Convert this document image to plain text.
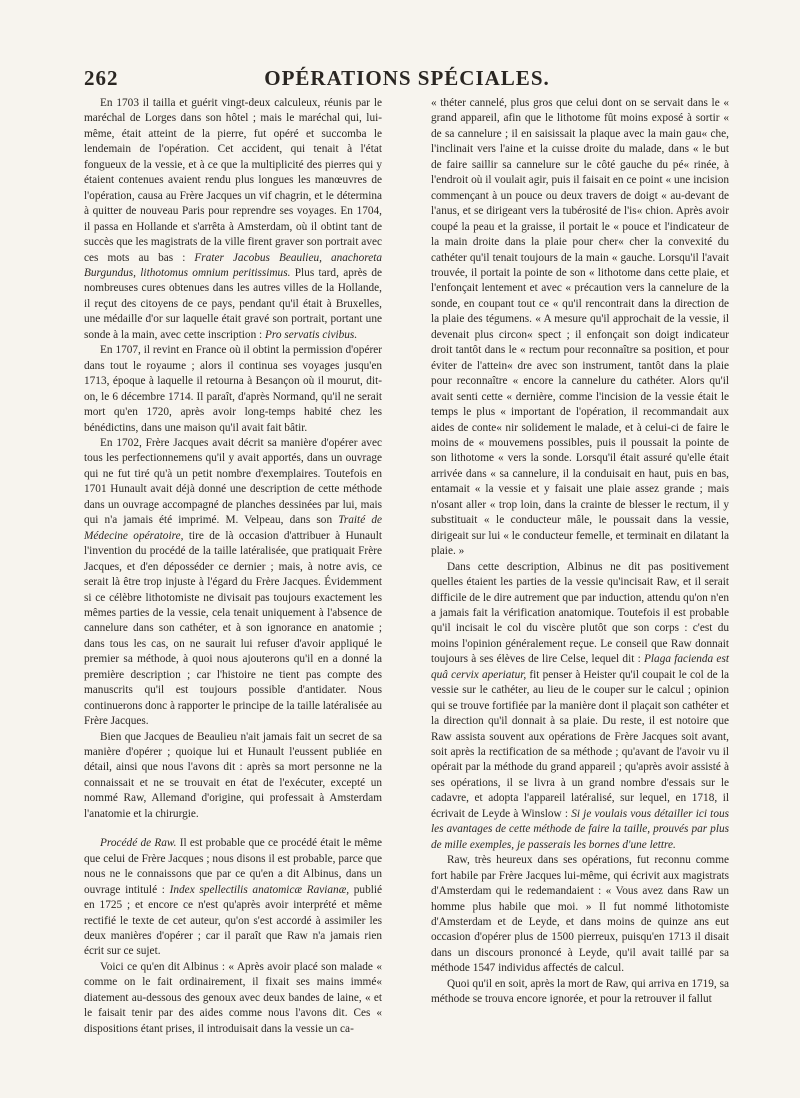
262	OPÉRATIONS SPÉCIALES.

En 1703 il tailla et guérit vingt-deux calculeux, réunis par le maréchal de Lorges dans son hôtel ; mais le maréchal qui, lui-même, était atteint de la pierre, fut opéré et succomba le lendemain de l'opération. Cet accident, qui tenait à l'état fongueux de la vessie, et à ce que la multiplicité des pierres qui y étaient contenues avaient rendu plus longues les manœuvres de l'opération, causa au Frère Jacques un vif chagrin, et le détermina à quitter de nouveau Paris pour reprendre ses voyages. En 1704, il passa en Hollande et s'arrêta à Amsterdam, où il obtint tant de succès que les magistrats de la ville firent graver son portrait avec ces mots au bas : Frater Jacobus Beaulieu, anachoreta Burgundus, lithotomus omnium peritissimus. Plus tard, après de nombreuses cures obtenues dans les autres villes de la Hollande, il reçut des citoyens de ce pays, pendant qu'il était à Bruxelles, une médaille d'or sur laquelle était gravé son portrait, portant une sonde à la main, avec cette inscription : Pro servatis civibus.

En 1707, il revint en France où il obtint la permission d'opérer dans tout le royaume ; alors il continua ses voyages jusqu'en 1713, époque à laquelle il retourna à Besançon où il mourut, dit-on, le 6 décembre 1714. Il paraît, d'après Normand, qu'il ne serait mort qu'en 1720, après avoir long-temps habité chez les bénédictins, dans une maison qu'il avait fait bâtir.

En 1702, Frère Jacques avait décrit sa manière d'opérer avec tous les perfectionnemens qu'il y avait apportés, dans un ouvrage qui ne fut tiré qu'à un petit nombre d'exemplaires. Toutefois en 1701 Hunault avait déjà donné une description de cette méthode dans un ouvrage accompagné de planches dessinées par lui, mais qui n'a jamais été imprimé. M. Velpeau, dans son Traité de Médecine opératoire, tire de là occasion d'attribuer à Hunault l'invention du procédé de la taille latéralisée, que pratiquait Frère Jacques, et d'en déposséder ce dernier ; mais, à notre avis, ce serait là être trop injuste à l'égard du Frère Jacques. Évidemment si ce célèbre lithotomiste ne divisait pas toujours exactement les mêmes parties de la vessie, cela tenait uniquement à l'absence de cannelure dans son cathéter, et à son ignorance en anatomie ; dans tous les cas, on ne saurait lui refuser d'avoir appliqué le premier sa méthode, à quoi nous ajouterons qu'il en a donné la première description ; car l'histoire ne tient pas compte des manuscrits qu'il est toujours possible d'antidater. Nous continuerons donc à rapporter le principe de la taille latéralisée au Frère Jacques.

Bien que Jacques de Beaulieu n'ait jamais fait un secret de sa manière d'opérer ; quoique lui et Hunault l'eussent publiée en détail, ainsi que nous l'avons dit : après sa mort personne ne la connaissait et ne se trouvait en état de l'exécuter, excepté un nommé Raw, Allemand d'origine, qui professait à Amsterdam l'anatomie et la chirurgie.

Procédé de Raw. Il est probable que ce procédé était le même que celui de Frère Jacques ; nous disons il est probable, parce que nous ne le connaissons que par ce qu'en a dit Albinus, dans un ouvrage intitulé : Index spellectilis anatomicæ Ravianæ, publié en 1725 ; et encore ce n'est qu'après avoir interprété et même rectifié le texte de cet auteur, qu'on s'est accordé à assimiler les deux manières d'opérer ; car il paraît que Raw n'a jamais rien écrit sur ce sujet.

Voici ce qu'en dit Albinus : « Après avoir placé son malade « comme on le fait ordinairement, il fixait ses mains immé« diatement au-dessous des genoux avec deux bandes de laine, « et le faisait tenir par des aides comme nous l'avons dit. Ces « dispositions étant prises, il introduisait dans la vessie un ca-

« théter cannelé, plus gros que celui dont on se servait dans le « grand appareil, afin que le lithotome fût moins exposé à sortir « de sa cannelure ; il en saisissait la plaque avec la main gau« che, l'inclinait vers l'aine et la cuisse droite du malade, dans « le but de faire saillir sa cannelure sur le côté gauche du pé« rinée, à l'endroit où il voulait agir, puis il faisait en ce point « une incision commençant à un pouce ou deux travers de doigt « au-devant de l'anus, et se dirigeant vers la tubérosité de l'is« chion. Après avoir coupé la peau et la graisse, il portait le « pouce et l'indicateur de la main droite dans la plaie pour cher« cher la convexité du cathéter qu'il tenait toujours de la main « gauche. Lorsqu'il l'avait trouvée, il portait la pointe de son « lithotome dans cette plaie, et l'enfonçait lentement et avec « précaution vers la cannelure de la sonde, en coupant tout ce « qu'il rencontrait dans la direction de la plaie des tégumens. « A mesure qu'il approchait de la vessie, il devenait plus circon« spect ; il enfonçait son doigt indicateur droit tantôt dans le « rectum pour reconnaître sa position, et pour éviter de l'attein« dre avec son instrument, tantôt dans la plaie pour reconnaître « encore la cannelure du cathéter. Alors qu'il avait senti cette « dernière, comme l'incision de la vessie était le temps le plus « important de l'opération, il recommandait aux aides de conte« nir solidement le malade, et à celui-ci de faire le moins de « mouvemens possibles, puis il poussait la pointe de son lithotome « vers la sonde. Lorsqu'il était assuré qu'elle était arrivée dans « sa cannelure, il la conduisait en haut, puis en bas, entamait « la vessie et y faisait une plaie assez grande ; mais n'osant aller « trop loin, dans la crainte de blesser le rectum, il y substituait « le conducteur mâle, le poussait dans la vessie, dirigeait sur lui « le conducteur femelle, et terminait en dilatant la plaie. »

Dans cette description, Albinus ne dit pas positivement quelles étaient les parties de la vessie qu'incisait Raw, et il serait difficile de le dire autrement que par induction, attendu qu'on n'en a jamais fait la vérification anatomique. Toutefois il est probable qu'il incisait le col du viscère plutôt que son corps : c'est du moins l'opinion généralement reçue. Le conseil que Raw donnait toujours à ses élèves de lire Celse, lequel dit : Plaga facienda est quâ cervix aperiatur, fit penser à Heister qu'il coupait le col de la vessie sur le cathéter, au lieu de le couper sur le calcul ; opinion qui se trouve fortifiée par la manière dont il plaçait son cathéter et la direction qu'il donnait à sa plaie. Du reste, il est notoire que Raw assista souvent aux opérations de Frère Jacques soit avant, soit après la rectification de sa méthode ; qu'avant de l'avoir vu il opérait par la méthode du grand appareil ; qu'après avoir assisté à ses opérations, il se livra à un grand nombre d'essais sur le cadavre, et adopta l'appareil latéralisé, sur lequel, en 1718, il écrivait de Leyde à Winslow : Si je voulais vous détailler ici tous les avantages de cette méthode de faire la taille, prouvés par plus de mille exemples, je passerais les bornes d'une lettre.

Raw, très heureux dans ses opérations, fut reconnu comme fort habile par Frère Jacques lui-même, qui écrivit aux magistrats d'Amsterdam qui le redemandaient : « Vous avez dans Raw un homme plus habile que moi. » Il fut nommé lithotomiste d'Amsterdam et de Leyde, et dans moins de quinze ans eut occasion d'opérer plus de 1500 pierreux, puisqu'en 1713 il disait dans un discours prononcé à Leyde, qu'il avait taillé par sa méthode 1547 individus affectés de calcul.

Quoi qu'il en soit, après la mort de Raw, qui arriva en 1719, sa méthode se trouva encore ignorée, et pour la retrouver il fallut
